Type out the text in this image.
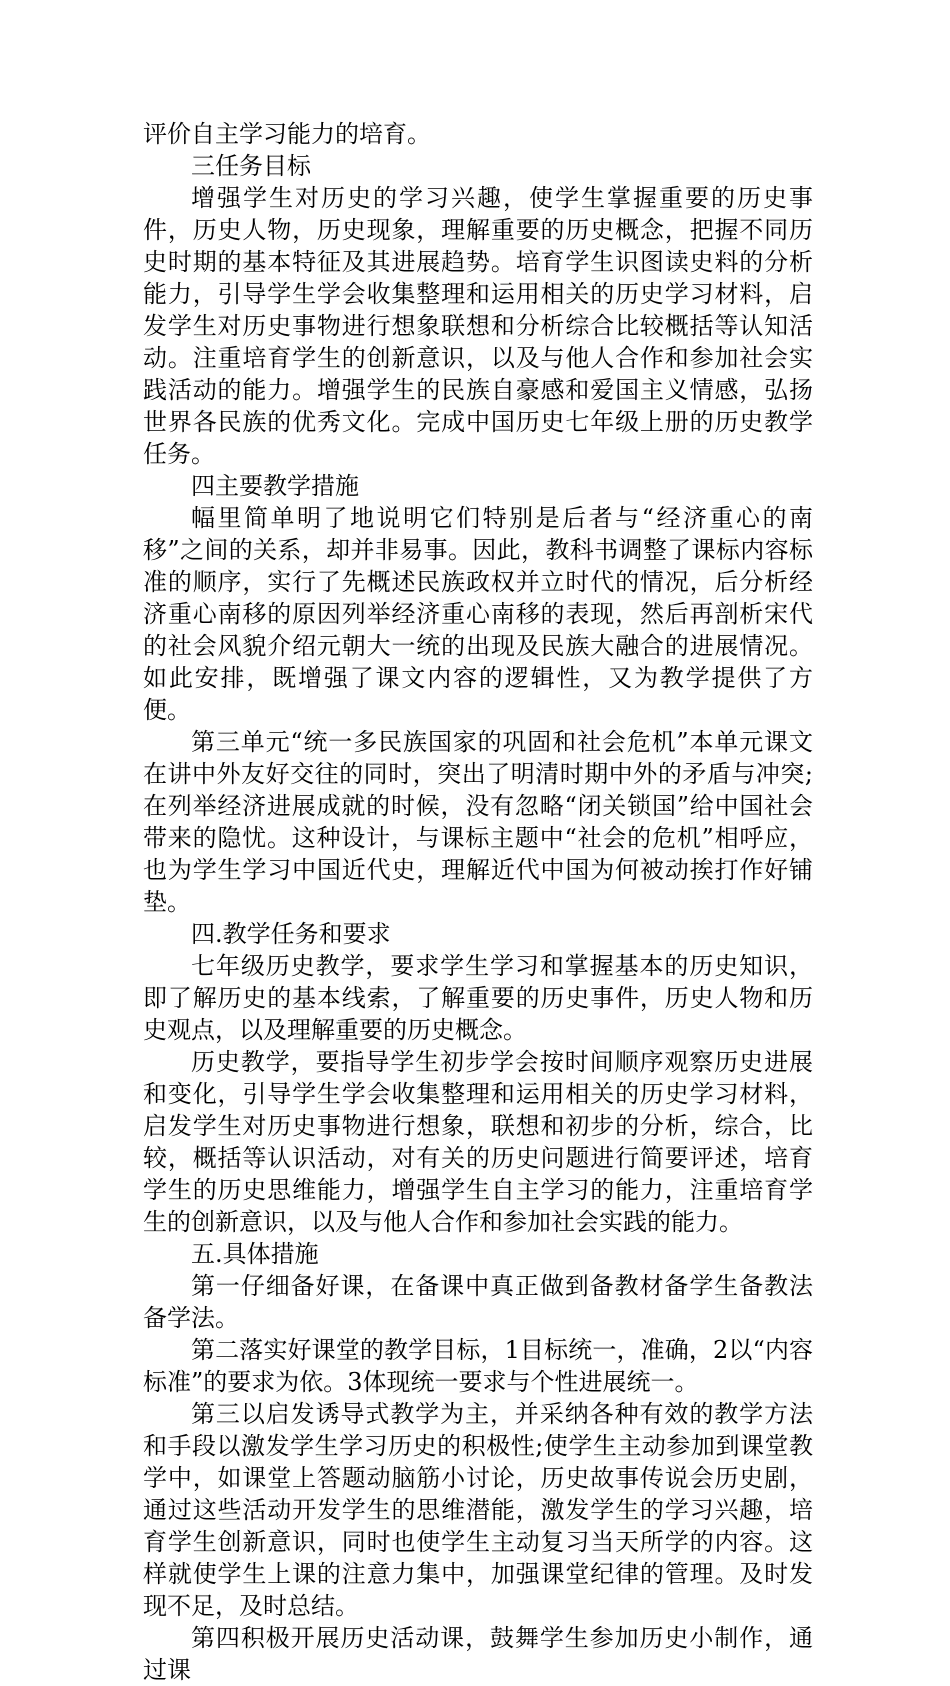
评价自主学习能力的培育。

三任务目标

增强学生对历史的学习兴趣，使学生掌握重要的历史事件，历史人物，历史现象，理解重要的历史概念，把握不同历史时期的基本特征及其进展趋势。培育学生识图读史料的分析能力，引导学生学会收集整理和运用相关的历史学习材料，启发学生对历史事物进行想象联想和分析综合比较概括等认知活动。注重培育学生的创新意识，以及与他人合作和参加社会实践活动的能力。增强学生的民族自豪感和爱国主义情感，弘扬世界各民族的优秀文化。完成中国历史七年级上册的历史教学任务。

四主要教学措施

幅里简单明了地说明它们特别是后者与“经济重心的南移”之间的关系，却并非易事。因此，教科书调整了课标内容标准的顺序，实行了先概述民族政权并立时代的情况，后分析经济重心南移的原因列举经济重心南移的表现，然后再剖析宋代的社会风貌介绍元朝大一统的出现及民族大融合的进展情况。如此安排，既增强了课文内容的逻辑性，又为教学提供了方便。

第三单元“统一多民族国家的巩固和社会危机”本单元课文在讲中外友好交往的同时，突出了明清时期中外的矛盾与冲突;在列举经济进展成就的时候，没有忽略“闭关锁国”给中国社会带来的隐忧。这种设计，与课标主题中“社会的危机”相呼应，也为学生学习中国近代史，理解近代中国为何被动挨打作好铺垫。

四.教学任务和要求

七年级历史教学，要求学生学习和掌握基本的历史知识，即了解历史的基本线索，了解重要的历史事件，历史人物和历史观点，以及理解重要的历史概念。

历史教学，要指导学生初步学会按时间顺序观察历史进展和变化，引导学生学会收集整理和运用相关的历史学习材料，启发学生对历史事物进行想象，联想和初步的分析，综合，比较，概括等认识活动，对有关的历史问题进行简要评述，培育学生的历史思维能力，增强学生自主学习的能力，注重培育学生的创新意识，以及与他人合作和参加社会实践的能力。

五.具体措施

第一仔细备好课，在备课中真正做到备教材备学生备教法备学法。

第二落实好课堂的教学目标，1目标统一，准确，2以“内容标准”的要求为依。3体现统一要求与个性进展统一。

第三以启发诱导式教学为主，并采纳各种有效的教学方法和手段以激发学生学习历史的积极性;使学生主动参加到课堂教学中，如课堂上答题动脑筋小讨论，历史故事传说会历史剧，通过这些活动开发学生的思维潜能，激发学生的学习兴趣，培育学生创新意识，同时也使学生主动复习当天所学的内容。这样就使学生上课的注意力集中，加强课堂纪律的管理。及时发现不足，及时总结。

第四积极开展历史活动课，鼓舞学生参加历史小制作，通过课
